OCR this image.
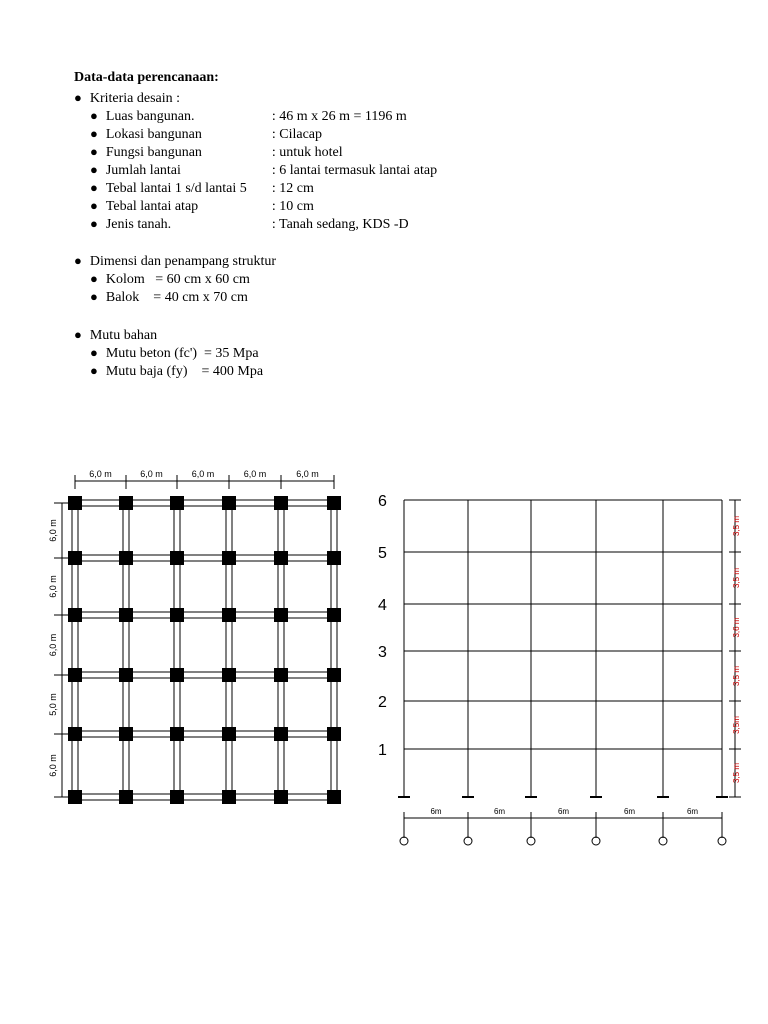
Data-data perencanaan:
● Kriteria desain :
● Luas bangunan.	: 46 m x 26 m = 1196 m
● Lokasi bangunan	: Cilacap
● Fungsi bangunan	: untuk hotel
● Jumlah lantai	: 6 lantai termasuk lantai atap
● Tebal lantai 1 s/d lantai 5 : 12 cm
● Tebal lantai atap	: 10 cm
● Jenis tanah.	: Tanah sedang, KDS -D
● Dimensi dan penampang struktur
● Kolom   = 60 cm x 60 cm
● Balok    = 40 cm x 70 cm
● Mutu bahan
● Mutu beton (fc')  = 35 Mpa
● Mutu baja (fy)    = 400 Mpa
6,0 m	6,0 m	6,0 m	6,0 m	6,0 m
6,0 m
6,0 m
6,0 m
5,0 m
6,0 m
6
5
4
3
2
1
3,5 m
3,5 m
3,6 m
3,5 m
3,5m
3,5 m
6m	6m	6m	6m	6m
